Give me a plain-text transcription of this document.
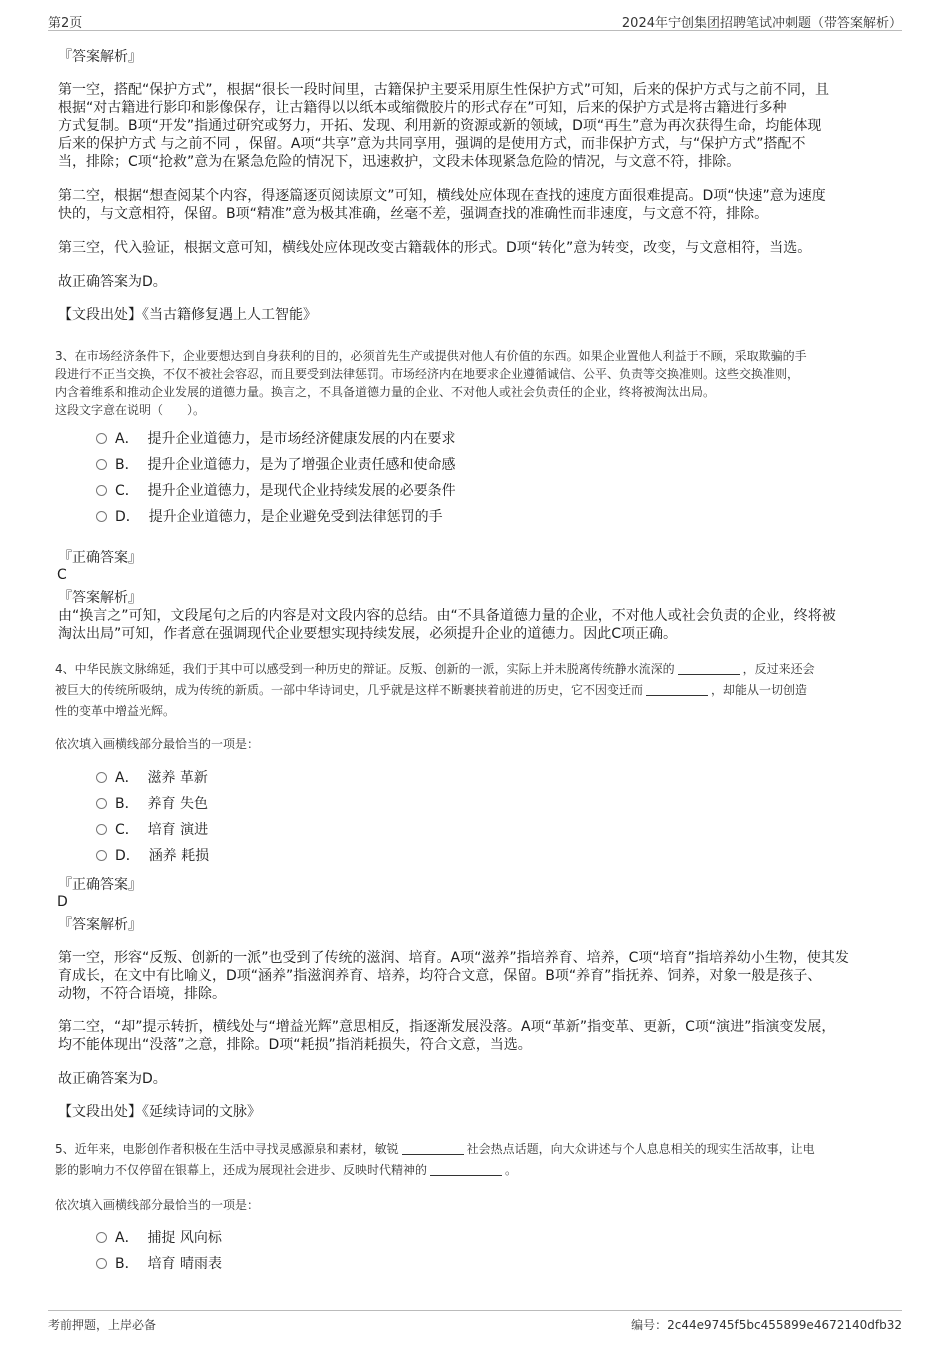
第2页	2024年宁创集团招聘笔试冲刺题（带答案解析）
『答案解析』
第一空，搭配“保护方式”，根据“很长一段时间里，古籍保护主要采用原生性保护方式”可知，后来的保护方式与之前不同，且
根据“对古籍进行影印和影像保存，让古籍得以以纸本或缩微胶片的形式存在”可知，后来的保护方式是将古籍进行多种
方式复制。B项“开发”指通过研究或努力，开拓、发现、利用新的资源或新的领域，D项“再生”意为再次获得生命，均能体现
后来的保护方式 与之前不同 ，保留。A项“共享”意为共同享用，强调的是使用方式，而非保护方式，与“保护方式”搭配不
当，排除；C项“抢救”意为在紧急危险的情况下，迅速救护，文段未体现紧急危险的情况，与文意不符，排除。
第二空，根据“想查阅某个内容，得逐篇逐页阅读原文”可知，横线处应体现在查找的速度方面很难提高。D项“快速”意为速度
快的，与文意相符，保留。B项“精准”意为极其准确，丝毫不差，强调查找的准确性而非速度，与文意不符，排除。
第三空，代入验证，根据文意可知，横线处应体现改变古籍载体的形式。D项“转化”意为转变，改变，与文意相符，当选。
故正确答案为D。
【文段出处】《当古籍修复遇上人工智能》
3、在市场经济条件下，企业要想达到自身获利的目的，必须首先生产或提供对他人有价值的东西。如果企业置他人利益于不顾，采取欺骗的手
段进行不正当交换，不仅不被社会容忍，而且要受到法律惩罚。市场经济内在地要求企业遵循诚信、公平、负责等交换准则。这些交换准则，
内含着维系和推动企业发展的道德力量。换言之，不具备道德力量的企业、不对他人或社会负责任的企业，终将被淘汰出局。
这段文字意在说明（　　）。
A． 提升企业道德力，是市场经济健康发展的内在要求
B． 提升企业道德力，是为了增强企业责任感和使命感
C． 提升企业道德力，是现代企业持续发展的必要条件
D． 提升企业道德力，是企业避免受到法律惩罚的手
『正确答案』
C
『答案解析』
由“换言之”可知，文段尾句之后的内容是对文段内容的总结。由“不具备道德力量的企业，不对他人或社会负责的企业，终将被
淘汰出局”可知，作者意在强调现代企业要想实现持续发展，必须提升企业的道德力。因此C项正确。
4、中华民族文脉绵延，我们于其中可以感受到一种历史的辩证。反叛、创新的一派，实际上并未脱离传统静水流深的	，反过来还会
被巨大的传统所吸纳，成为传统的新质。一部中华诗词史，几乎就是这样不断裹挟着前进的历史，它不因变迁而	，却能从一切创造
性的变革中增益光辉。
依次填入画横线部分最恰当的一项是：
A． 滋养 革新
B． 养育 失色
C． 培育 演进
D． 涵养 耗损
『正确答案』
D
『答案解析』
第一空，形容“反叛、创新的一派”也受到了传统的滋润、培育。A项“滋养”指培养育、培养，C项“培育”指培养幼小生物，使其发
育成长，在文中有比喻义，D项“涵养”指滋润养育、培养，均符合文意，保留。B项“养育”指抚养、饲养，对象一般是孩子、
动物，不符合语境，排除。
第二空，“却”提示转折，横线处与“增益光辉”意思相反，指逐渐发展没落。A项“革新”指变革、更新，C项“演进”指演变发展，
均不能体现出“没落”之意，排除。D项“耗损”指消耗损失，符合文意，当选。
故正确答案为D。
【文段出处】《延续诗词的文脉》
5、近年来，电影创作者积极在生活中寻找灵感源泉和素材，敏锐	社会热点话题，向大众讲述与个人息息相关的现实生活故事，让电
影的影响力不仅停留在银幕上，还成为展现社会进步、反映时代精神的	。
依次填入画横线部分最恰当的一项是：
A． 捕捉 风向标
B． 培育 晴雨表
考前押题，上岸必备	编号：2c44e9745f5bc455899e4672140dfb32
